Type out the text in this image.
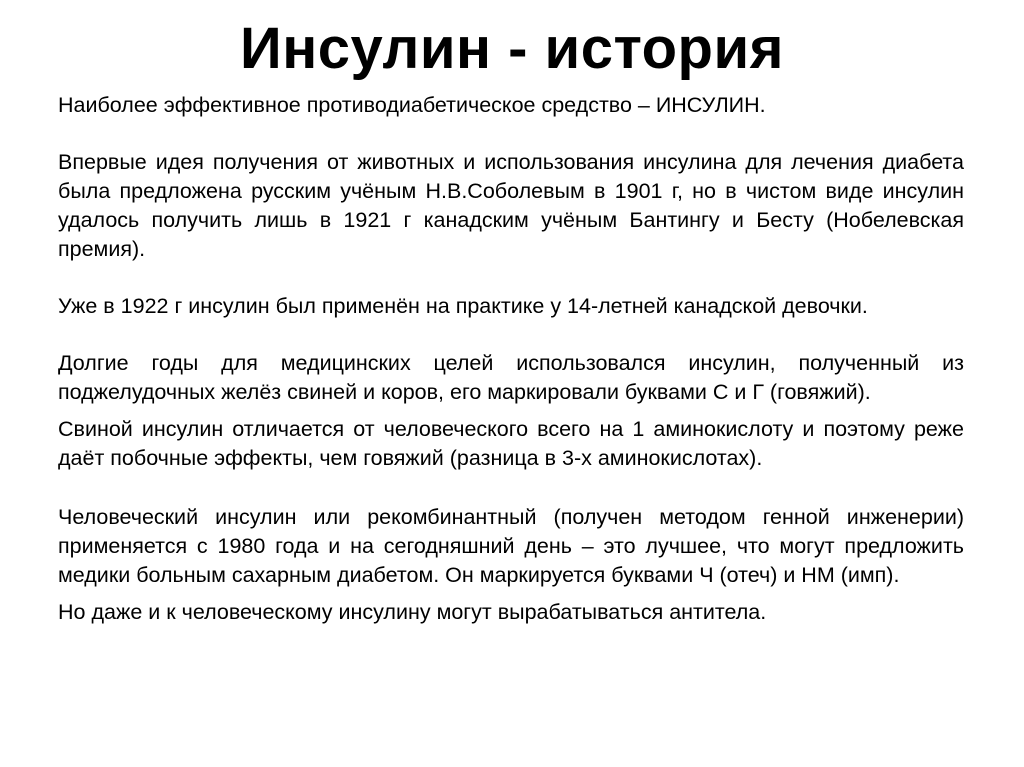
Инсулин - история

Наиболее эффективное противодиабетическое средство – ИНСУЛИН.

Впервые идея получения от животных и использования инсулина для лечения диабета была предложена русским учёным Н.В.Соболевым в 1901 г, но в чистом виде инсулин удалось получить лишь в 1921 г канадским учёным Бантингу и Бесту (Нобелевская премия).

Уже в 1922 г инсулин был применён на практике у 14-летней канадской девочки.

Долгие годы для медицинских целей использовался инсулин, полученный из поджелудочных желёз свиней и коров, его маркировали буквами С и Г (говяжий).

Свиной инсулин отличается от человеческого всего на 1 аминокислоту и поэтому реже даёт побочные эффекты, чем говяжий (разница в 3-х аминокислотах).

Человеческий инсулин или рекомбинантный (получен методом генной инженерии) применяется с 1980 года и на сегодняшний день – это лучшее, что могут предложить медики больным сахарным диабетом. Он маркируется буквами Ч (отеч) и НМ (имп).

Но даже и к человеческому инсулину могут вырабатываться антитела.
